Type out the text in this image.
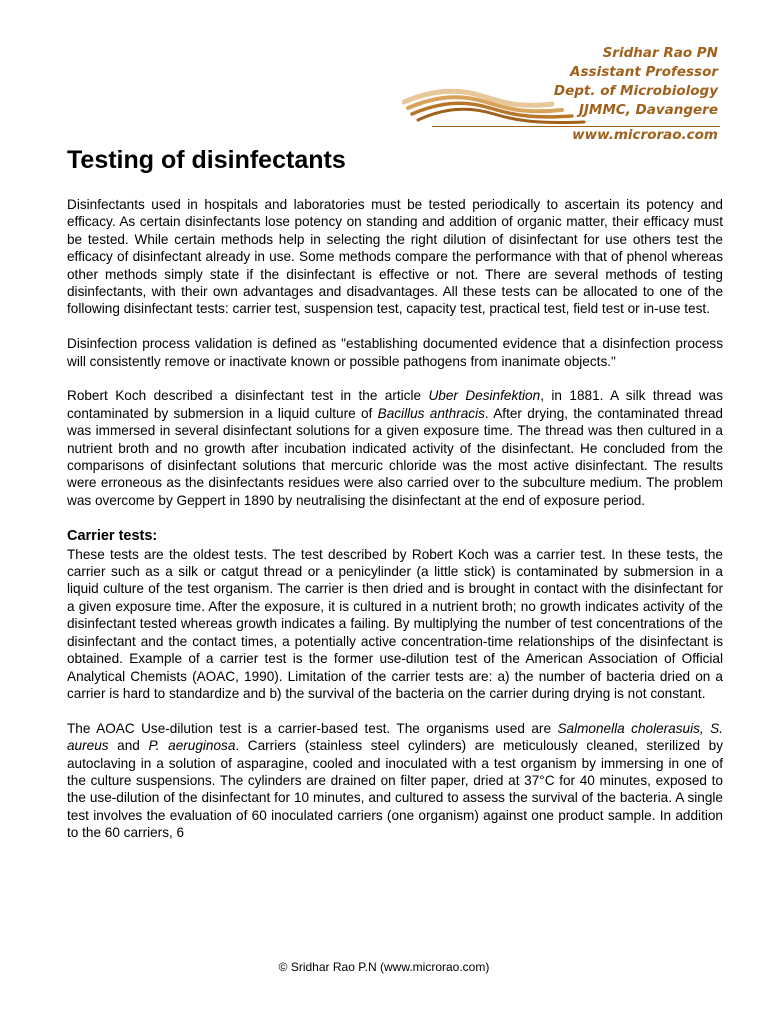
Sridhar Rao PN
Assistant Professor
Dept. of Microbiology
JJMMC, Davangere
www.microrao.com
Testing of disinfectants

Disinfectants used in hospitals and laboratories must be tested periodically to ascertain its potency and efficacy. As certain disinfectants lose potency on standing and addition of organic matter, their efficacy must be tested. While certain methods help in selecting the right dilution of disinfectant for use others test the efficacy of disinfectant already in use. Some methods compare the performance with that of phenol whereas other methods simply state if the disinfectant is effective or not. There are several methods of testing disinfectants, with their own advantages and disadvantages. All these tests can be allocated to one of the following disinfectant tests: carrier test, suspension test, capacity test, practical test, field test or in-use test.

Disinfection process validation is defined as "establishing documented evidence that a disinfection process will consistently remove or inactivate known or possible pathogens from inanimate objects."

Robert Koch described a disinfectant test in the article Uber Desinfektion, in 1881. A silk thread was contaminated by submersion in a liquid culture of Bacillus anthracis. After drying, the contaminated thread was immersed in several disinfectant solutions for a given exposure time. The thread was then cultured in a nutrient broth and no growth after incubation indicated activity of the disinfectant. He concluded from the comparisons of disinfectant solutions that mercuric chloride was the most active disinfectant. The results were erroneous as the disinfectants residues were also carried over to the subculture medium. The problem was overcome by Geppert in 1890 by neutralising the disinfectant at the end of exposure period.

Carrier tests:

These tests are the oldest tests. The test described by Robert Koch was a carrier test. In these tests, the carrier such as a silk or catgut thread or a penicylinder (a little stick) is contaminated by submersion in a liquid culture of the test organism. The carrier is then dried and is brought in contact with the disinfectant for a given exposure time. After the exposure, it is cultured in a nutrient broth; no growth indicates activity of the disinfectant tested whereas growth indicates a failing. By multiplying the number of test concentrations of the disinfectant and the contact times, a potentially active concentration-time relationships of the disinfectant is obtained. Example of a carrier test is the former use-dilution test of the American Association of Official Analytical Chemists (AOAC, 1990). Limitation of the carrier tests are: a) the number of bacteria dried on a carrier is hard to standardize and b) the survival of the bacteria on the carrier during drying is not constant.

The AOAC Use-dilution test is a carrier-based test. The organisms used are Salmonella cholerasuis, S. aureus and P. aeruginosa. Carriers (stainless steel cylinders) are meticulously cleaned, sterilized by autoclaving in a solution of asparagine, cooled and inoculated with a test organism by immersing in one of the culture suspensions. The cylinders are drained on filter paper, dried at 37°C for 40 minutes, exposed to the use-dilution of the disinfectant for 10 minutes, and cultured to assess the survival of the bacteria. A single test involves the evaluation of 60 inoculated carriers (one organism) against one product sample. In addition to the 60 carriers, 6

© Sridhar Rao P.N (www.microrao.com)
